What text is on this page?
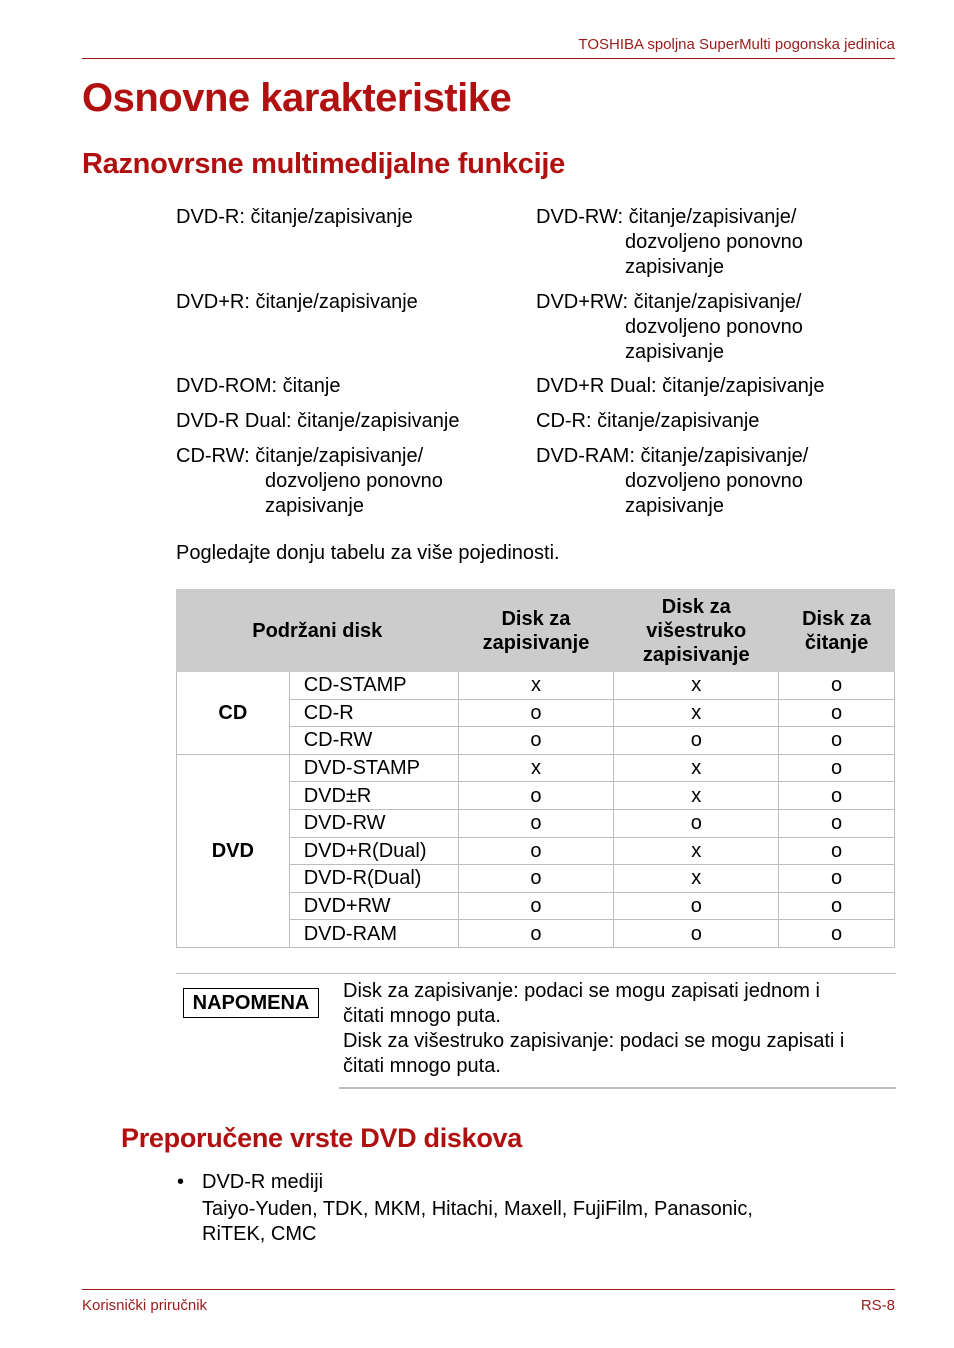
TOSHIBA spoljna SuperMulti pogonska jedinica
Osnovne karakteristike
Raznovrsne multimedijalne funkcije
DVD-R: čitanje/zapisivanje
DVD+R: čitanje/zapisivanje
DVD-ROM: čitanje
DVD-R Dual: čitanje/zapisivanje
CD-RW: čitanje/zapisivanje/
dozvoljeno ponovno
zapisivanje
DVD-RW: čitanje/zapisivanje/
dozvoljeno ponovno
zapisivanje
DVD+RW: čitanje/zapisivanje/
dozvoljeno ponovno
zapisivanje
DVD+R Dual: čitanje/zapisivanje
CD-R: čitanje/zapisivanje
DVD-RAM: čitanje/zapisivanje/
dozvoljeno ponovno
zapisivanje
Pogledajte donju tabelu za više pojedinosti.
Podržani disk		Disk za
zapisivanje	Disk za
višestruko
zapisivanje	Disk za
čitanje
CD	CD-STAMP	x	x	o
	CD-R	o	x	o
	CD-RW	o	o	o
DVD	DVD-STAMP	x	x	o
	DVD±R	o	x	o
	DVD-RW	o	o	o
	DVD+R(Dual)	o	x	o
	DVD-R(Dual)	o	x	o
	DVD+RW	o	o	o
	DVD-RAM	o	o	o
NAPOMENA
Disk za zapisivanje: podaci se mogu zapisati jednom i
čitati mnogo puta.
Disk za višestruko zapisivanje: podaci se mogu zapisati i
čitati mnogo puta.
Preporučene vrste DVD diskova
• DVD-R mediji
Taiyo-Yuden, TDK, MKM, Hitachi, Maxell, FujiFilm, Panasonic,
RiTEK, CMC
Korisnički priručnik	RS-8
